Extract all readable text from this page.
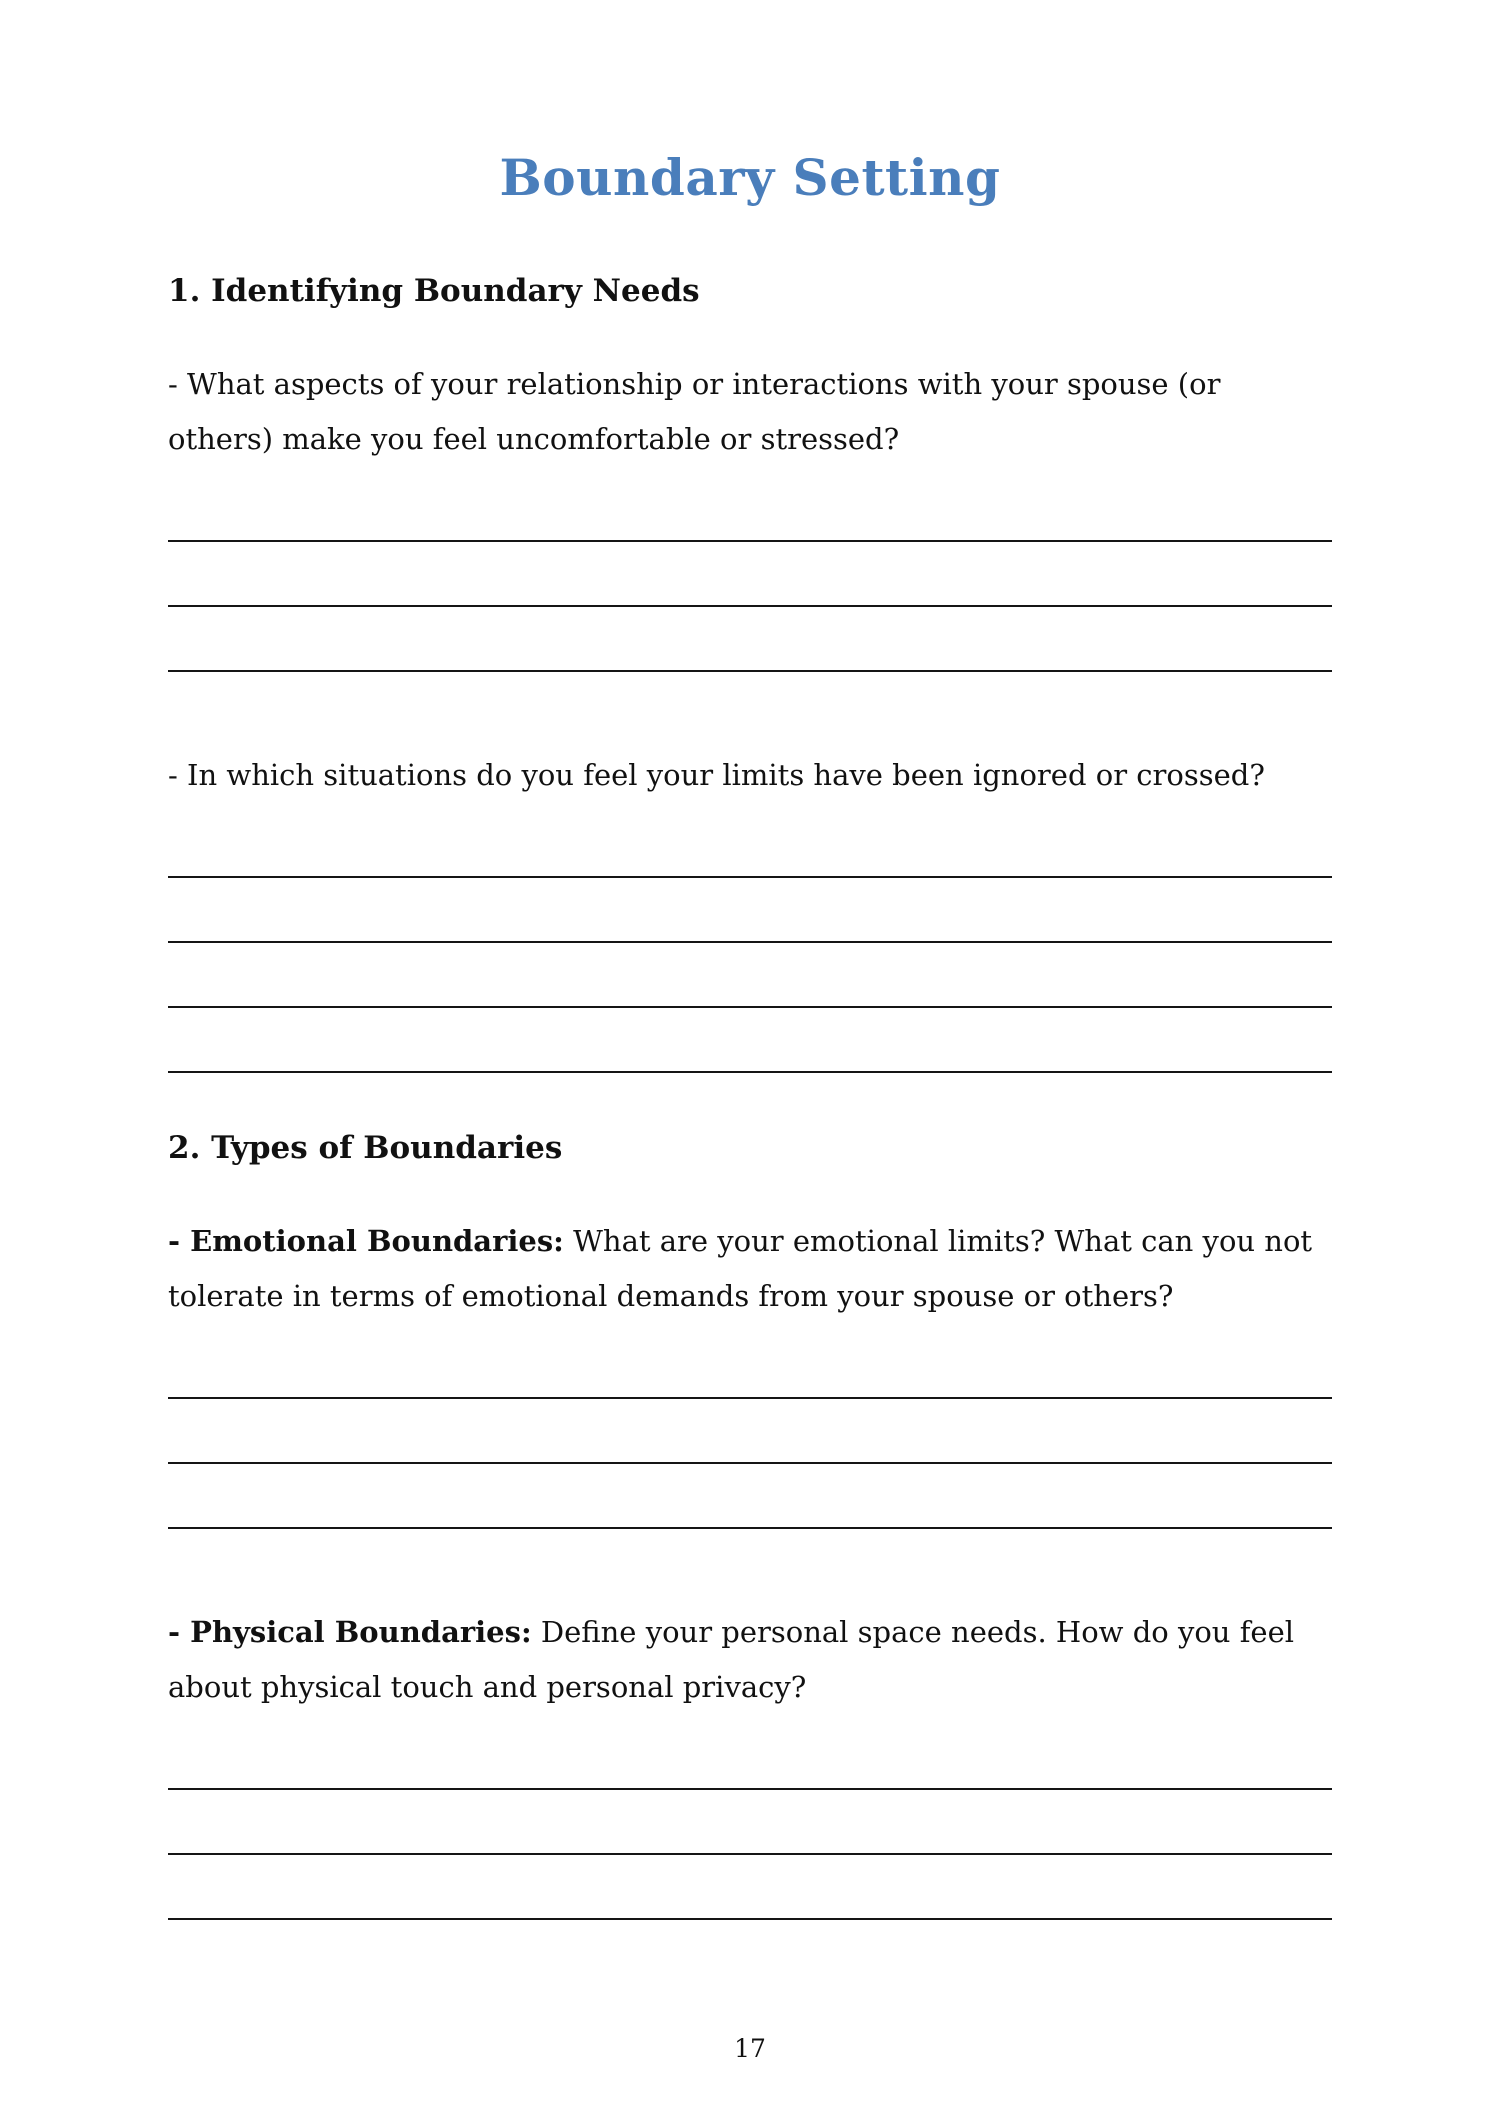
Boundary Setting
1. Identifying Boundary Needs

- What aspects of your relationship or interactions with your spouse (or others) make you feel uncomfortable or stressed?

- In which situations do you feel your limits have been ignored or crossed?

2. Types of Boundaries

- Emotional Boundaries: What are your emotional limits? What can you not tolerate in terms of emotional demands from your spouse or others?

- Physical Boundaries: Define your personal space needs. How do you feel about physical touch and personal privacy?

17
